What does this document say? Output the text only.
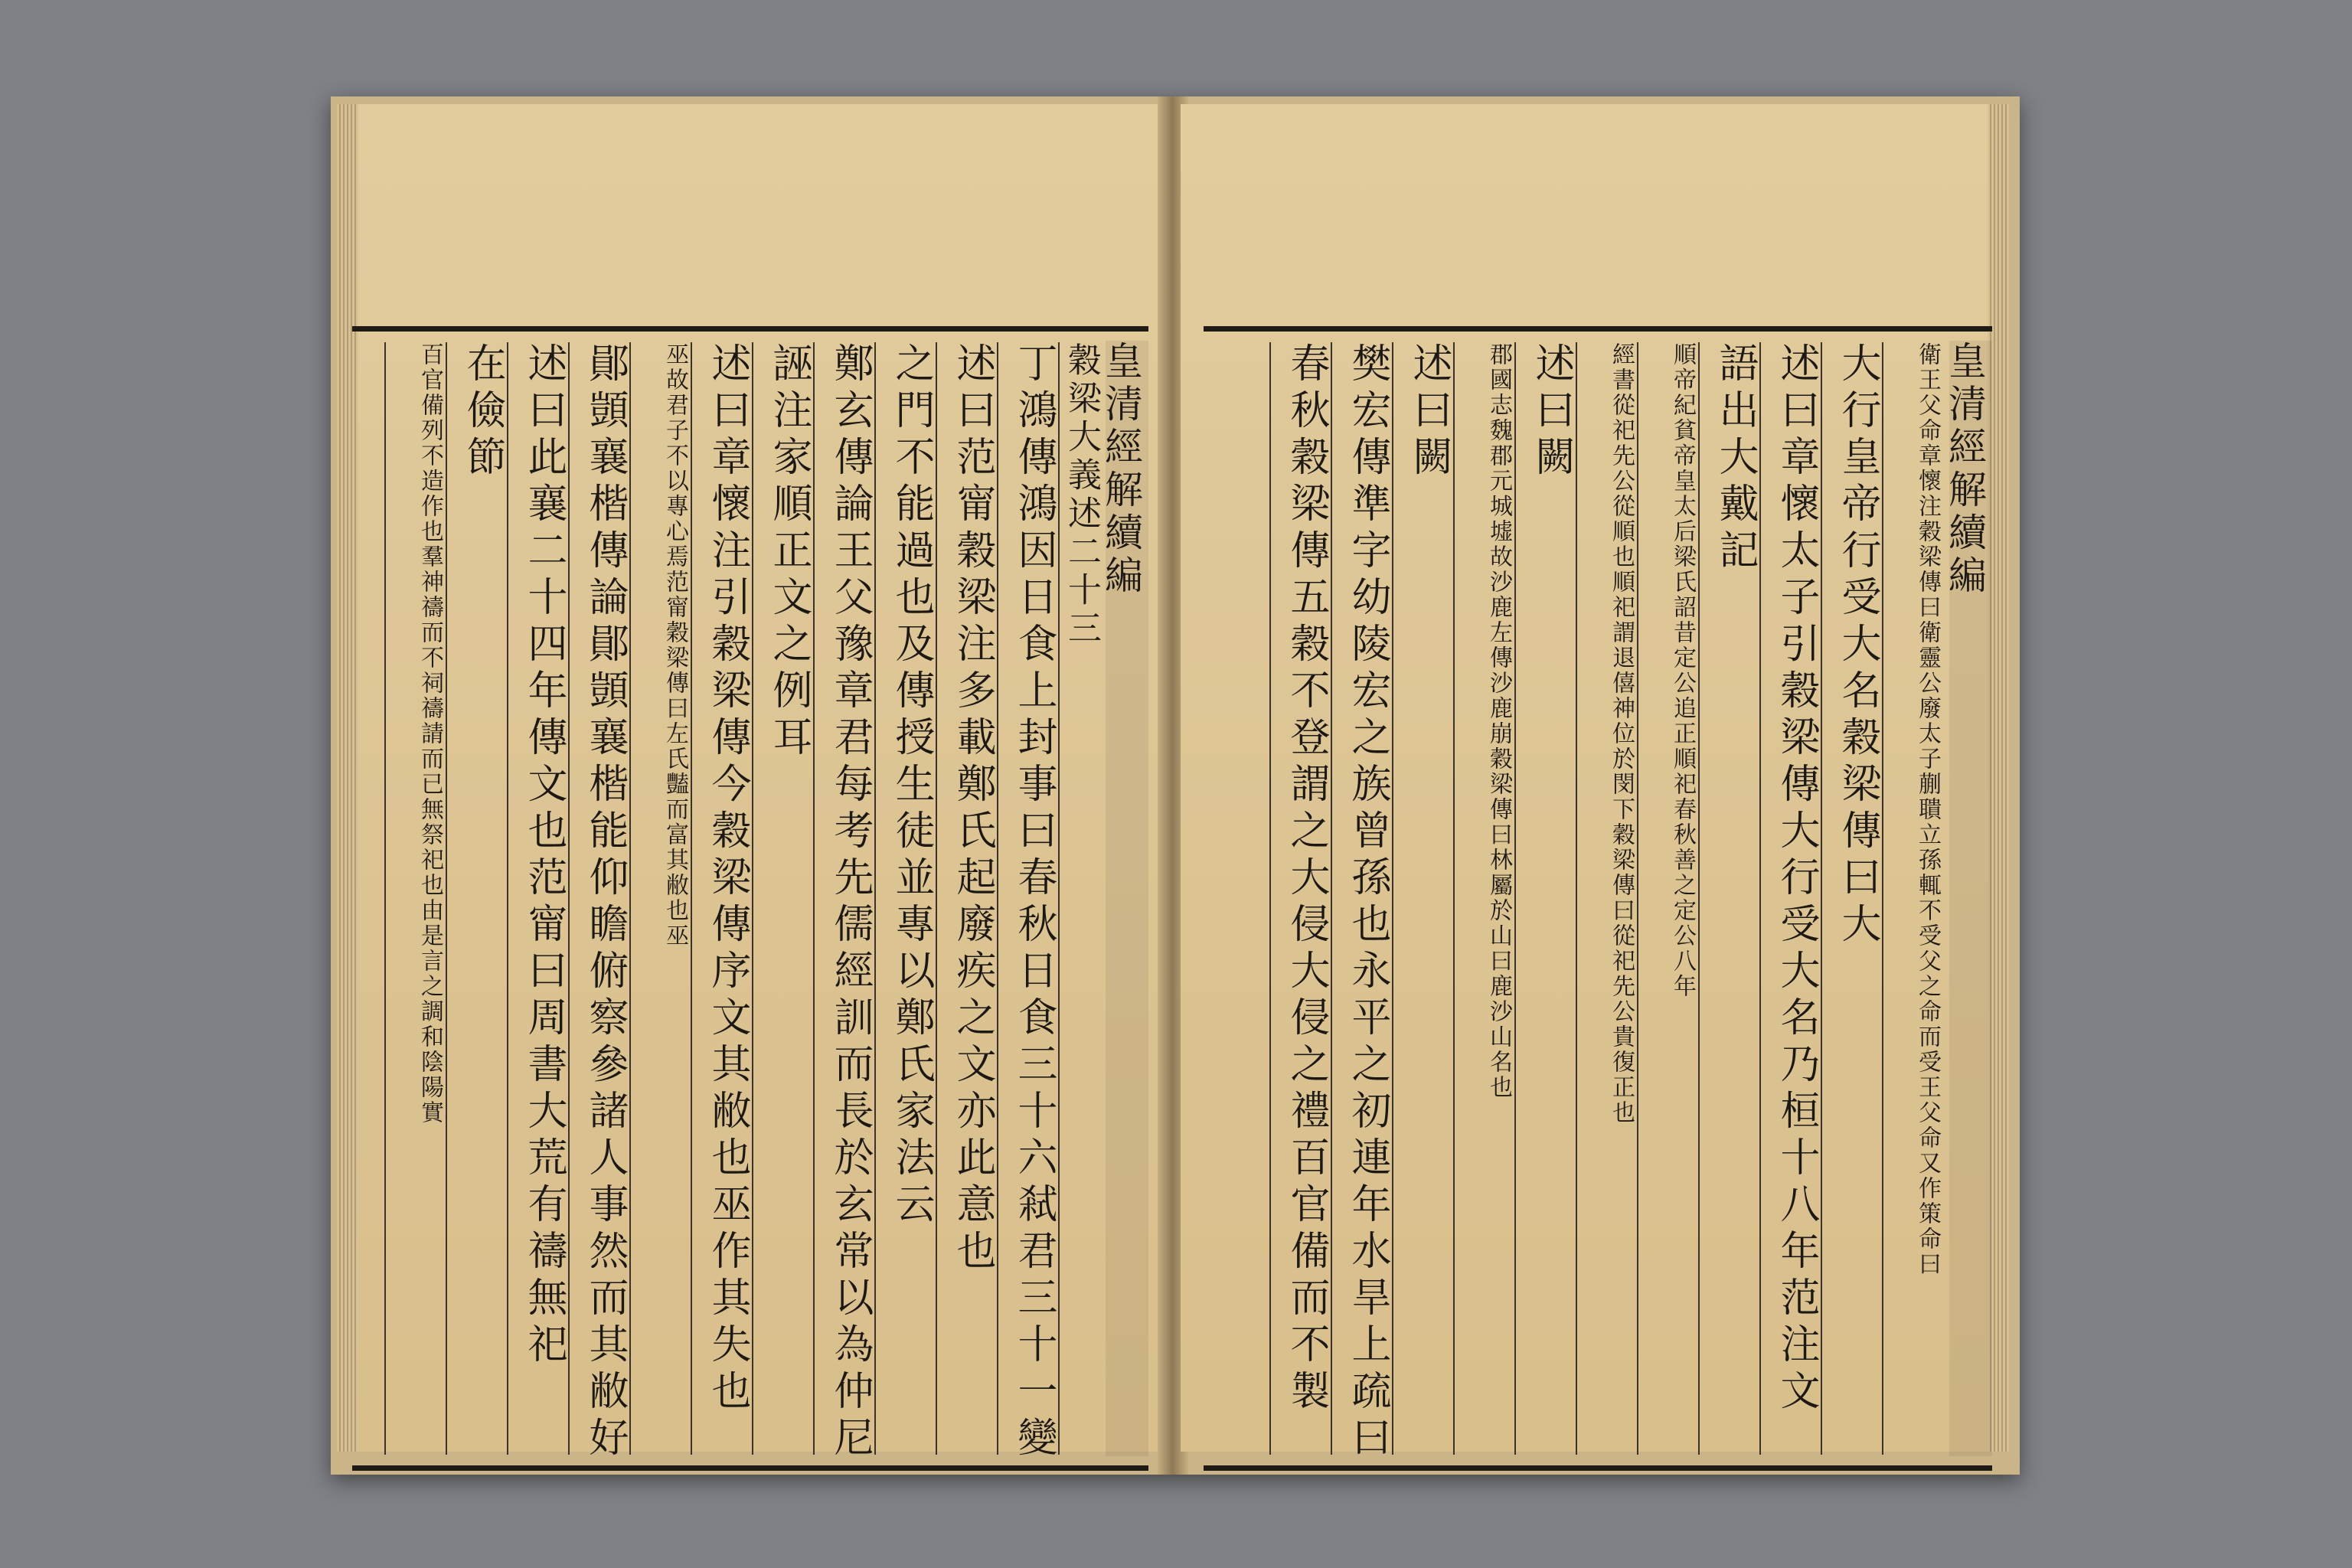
皇清經解續編
穀梁大義述二十三
丁鴻傳鴻因日食上封事曰春秋日食三十六弒君三十一變
述曰范甯穀梁注多載鄭氏起廢疾之文亦此意也
之門不能過也及傳授生徒並專以鄭氏家法云
鄭玄傳論王父豫章君每考先儒經訓而長於玄常以為仲尼
誣注家順正文之例耳
述曰章懷注引穀梁傳今穀梁傳序文其敝也巫作其失也
巫故君子不以專心焉范甯穀梁傳曰左氏豔而富其敝也巫
鄖顗襄楷傳論鄖顗襄楷能仰瞻俯察參諸人事然而其敝好
述曰此襄二十四年傳文也范甯曰周書大荒有禱無祀
在儉節
百官備列不造作也羣神禱而不祠禱請而已無祭祀也由是言之調和陰陽實	皇清經解續編
衛王父命章懷注穀梁傳曰衛靈公廢太子蒯聵立孫輒不受父之命而受王父命又作策命曰
大行皇帝行受大名穀梁傳曰大
述曰章懷太子引穀梁傳大行受大名乃桓十八年范注文
語出大戴記
順帝紀貧帝皇太后梁氏詔昔定公追正順祀春秋善之定公八年
經書從祀先公從順也順祀謂退僖神位於閔下穀梁傳曰從祀先公貴復正也
述曰闕
郡國志魏郡元城墟故沙鹿左傳沙鹿崩穀梁傳曰林屬於山曰鹿沙山名也
述曰闕
樊宏傳準字幼陵宏之族曾孫也永平之初連年水旱上疏曰
春秋穀梁傳五穀不登謂之大侵大侵之禮百官備而不製
